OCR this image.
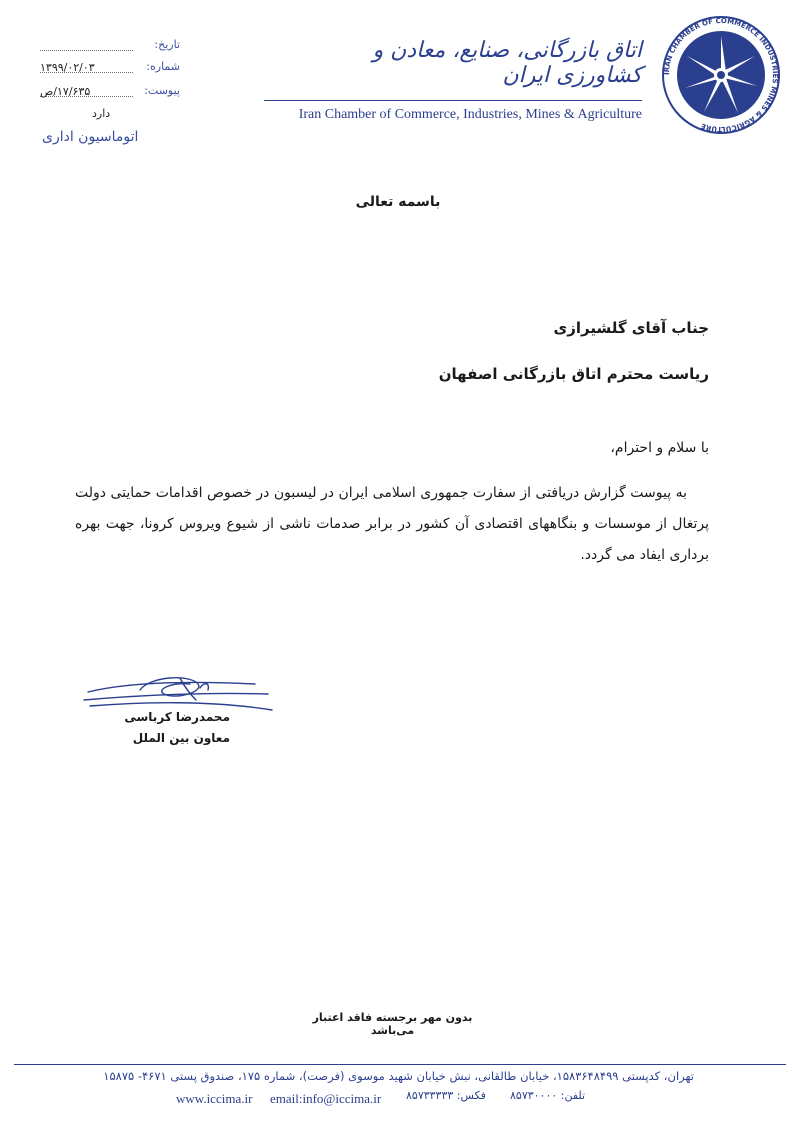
تاریخ:
شماره:
۱۳۹۹/۰۲/۰۳
پیوست:
۱۷/۶۳۵/ص
دارد
اتوماسیون اداری
اتاق بازرگانی، صنایع، معادن و کشاورزی ایران
Iran Chamber of Commerce, Industries, Mines & Agriculture
IRAN CHAMBER OF COMMERCE INDUSTRIES MINES & AGRICULTURE
باسمه تعالی
جناب آقای گلشیرازی
ریاست محترم اتاق بازرگانی اصفهان
با سلام و احترام،
به پیوست گزارش دریافتی از سفارت جمهوری اسلامی ایران در لیسبون در خصوص اقدامات حمایتی دولت پرتغال از موسسات و بنگاههای اقتصادی آن کشور در برابر صدمات ناشی از شیوع ویروس کرونا، جهت بهره برداری ایفاد می گردد.
محمدرضا کرباسی
معاون بین الملل
بدون مهر برجسته فاقد اعتبار می‌باشد
تهران، کدپستی ۱۵۸۳۶۴۸۴۹۹، خیابان طالقانی، نبش خیابان شهید موسوی (فرصت)، شماره ۱۷۵، صندوق پستی ۴۶۷۱- ۱۵۸۷۵
www.iccima.ir email:info@iccima.ir فکس: ۸۵۷۳۳۳۳۳ تلفن: ۸۵۷۳۰۰۰۰
